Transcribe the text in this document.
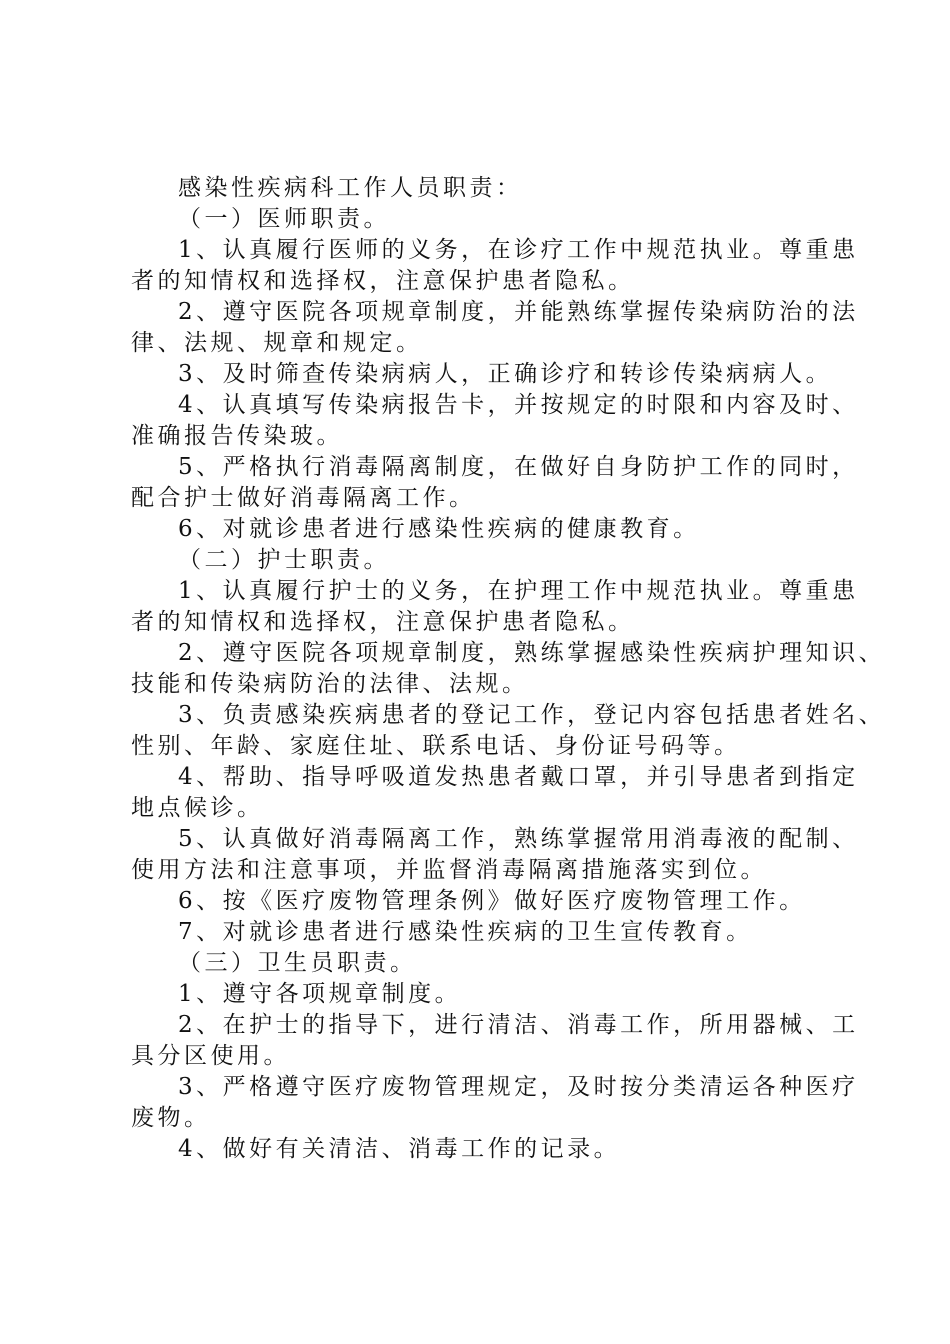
感染性疾病科工作人员职责：
（一）医师职责。
1、认真履行医师的义务，在诊疗工作中规范执业。尊重患
者的知情权和选择权，注意保护患者隐私。
2、遵守医院各项规章制度，并能熟练掌握传染病防治的法
律、法规、规章和规定。
3、及时筛查传染病病人，正确诊疗和转诊传染病病人。
4、认真填写传染病报告卡，并按规定的时限和内容及时、
准确报告传染玻。
5、严格执行消毒隔离制度，在做好自身防护工作的同时，
配合护士做好消毒隔离工作。
6、对就诊患者进行感染性疾病的健康教育。
（二）护士职责。
1、认真履行护士的义务，在护理工作中规范执业。尊重患
者的知情权和选择权，注意保护患者隐私。
2、遵守医院各项规章制度，熟练掌握感染性疾病护理知识、
技能和传染病防治的法律、法规。
3、负责感染疾病患者的登记工作，登记内容包括患者姓名、
性别、年龄、家庭住址、联系电话、身份证号码等。
4、帮助、指导呼吸道发热患者戴口罩，并引导患者到指定
地点候诊。
5、认真做好消毒隔离工作，熟练掌握常用消毒液的配制、
使用方法和注意事项，并监督消毒隔离措施落实到位。
6、按《医疗废物管理条例》做好医疗废物管理工作。
7、对就诊患者进行感染性疾病的卫生宣传教育。
（三）卫生员职责。
1、遵守各项规章制度。
2、在护士的指导下，进行清洁、消毒工作，所用器械、工
具分区使用。
3、严格遵守医疗废物管理规定，及时按分类清运各种医疗
废物。
4、做好有关清洁、消毒工作的记录。
